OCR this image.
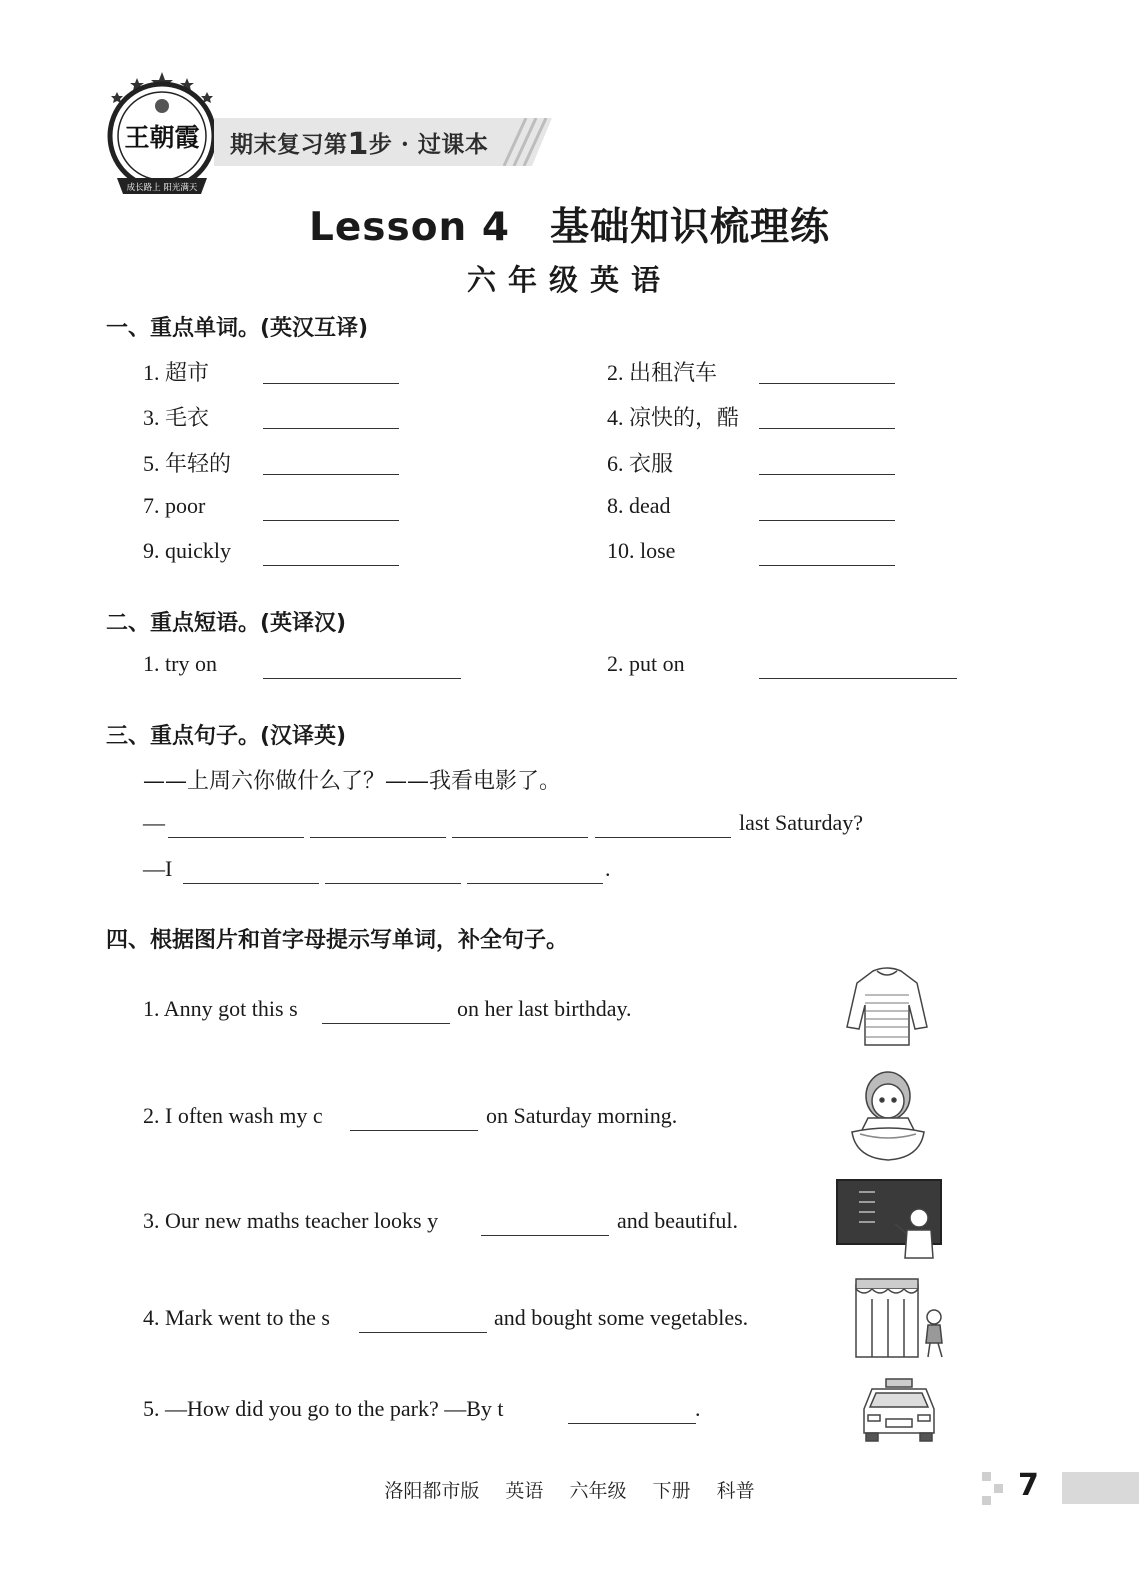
成长路上 阳光满天
王朝霞 期末复习第1步 · 过课本
Lesson 4　基础知识梳理练
六年级英语
一、重点单词。(英汉互译)
1. 超市	2. 出租汽车
3. 毛衣	4. 凉快的，酷
5. 年轻的	6. 衣服
7. poor	8. dead
9. quickly	10. lose
二、重点短语。(英译汉)
1. try on	2. put on
三、重点句子。(汉译英)
——上周六你做什么了？——我看电影了。
—	last Saturday?
—I	.
四、根据图片和首字母提示写单词，补全句子。
1. Anny got this s	on her last birthday.
2. I often wash my c	on Saturday morning.
3. Our new maths teacher looks y	and beautiful.
4. Mark went to the s	and bought some vegetables.
5. —How did you go to the park? —By t	.
洛阳都市版 英语 六年级 下册 科普	7
